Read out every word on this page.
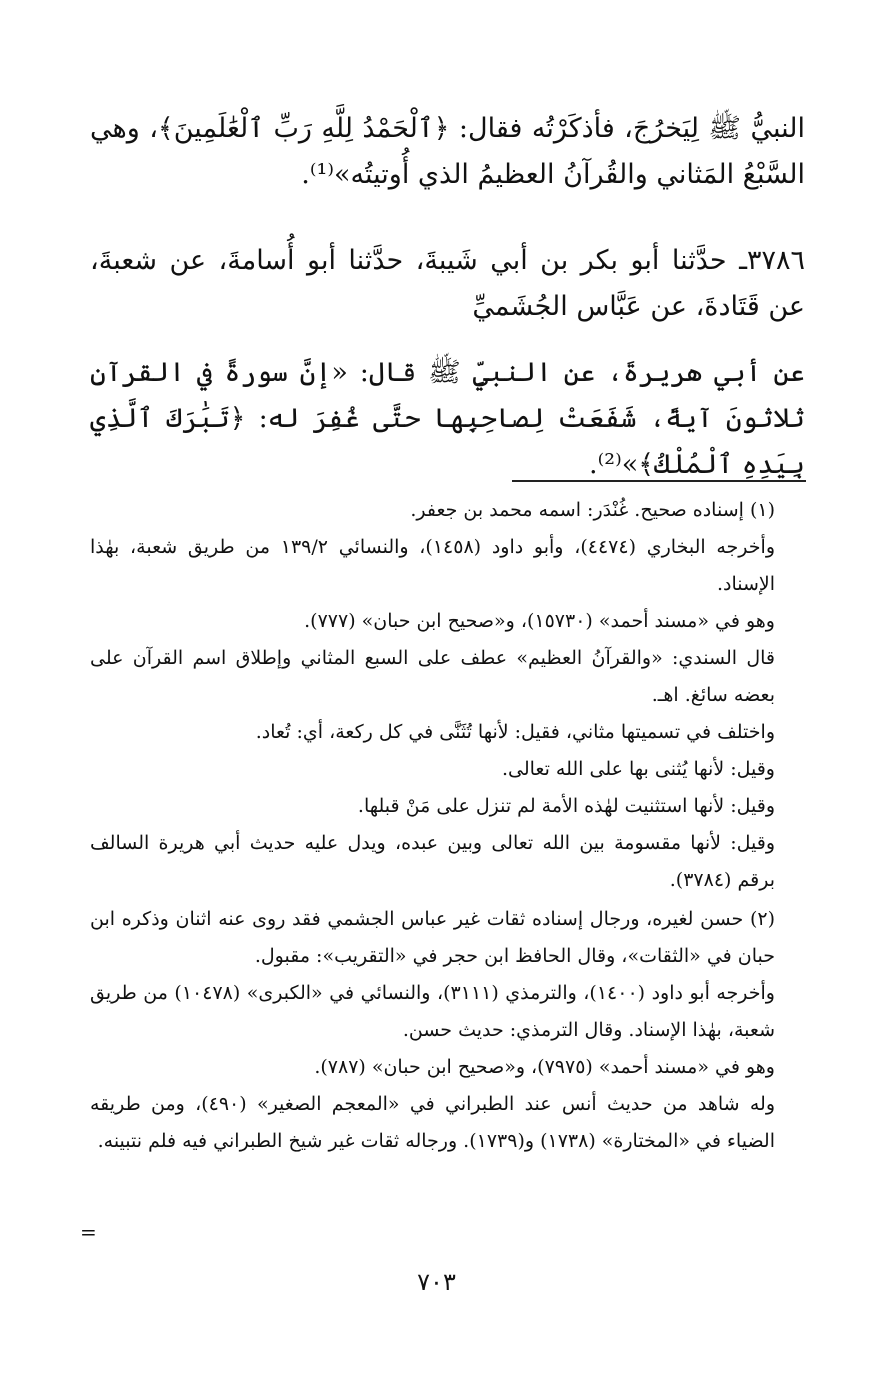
النبيُّ ﷺ لِيَخرُجَ، فأذكَرْتُه فقال: ﴿ٱلْحَمْدُ لِلَّهِ رَبِّ ٱلْعَٰلَمِينَ﴾، وهي السَّبْعُ المَثاني والقُرآنُ العظيمُ الذي أُوتيتُه»⁽¹⁾.

٣٧٨٦ـ حدَّثنا أبو بكر بن أبي شَيبةَ، حدَّثنا أبو أُسامةَ، عن شعبةَ، عن قَتَادةَ، عن عَبَّاس الجُشَميِّ

عن أبي هريرةَ، عن النبيِّ ﷺ قال: «إنَّ سورةً في القرآنِ ثلاثونَ آيةً، شَفَعَتْ لِصاحِبِها حتَّى غُفِرَ له: ﴿تَبَٰرَكَ ٱلَّذِي بِيَدِهِ ٱلْمُلْكُ﴾»⁽²⁾.

(١) إسناده صحيح. غُنْدَر: اسمه محمد بن جعفر.

وأخرجه البخاري (٤٤٧٤)، وأبو داود (١٤٥٨)، والنسائي ١٣٩/٢ من طريق شعبة، بهٰذا الإسناد.

وهو في «مسند أحمد» (١٥٧٣٠)، و«صحيح ابن حبان» (٧٧٧).

قال السندي: «والقرآنُ العظيم» عطف على السبع المثاني وإطلاق اسم القرآن على بعضه سائغ. اهـ.

واختلف في تسميتها مثاني، فقيل: لأنها تُثَنَّى في كل ركعة، أي: تُعاد.

وقيل: لأنها يُثنى بها على الله تعالى.

وقيل: لأنها استثنيت لهٰذه الأمة لم تنزل على مَنْ قبلها.

وقيل: لأنها مقسومة بين الله تعالى وبين عبده، ويدل عليه حديث أبي هريرة السالف برقم (٣٧٨٤).

(٢) حسن لغيره، ورجال إسناده ثقات غير عباس الجشمي فقد روى عنه اثنان وذكره ابن حبان في «الثقات»، وقال الحافظ ابن حجر في «التقريب»: مقبول.

وأخرجه أبو داود (١٤٠٠)، والترمذي (٣١١١)، والنسائي في «الكبرى» (١٠٤٧٨) من طريق شعبة، بهٰذا الإسناد. وقال الترمذي: حديث حسن.

وهو في «مسند أحمد» (٧٩٧٥)، و«صحيح ابن حبان» (٧٨٧).

وله شاهد من حديث أنس عند الطبراني في «المعجم الصغير» (٤٩٠)، ومن طريقه الضياء في «المختارة» (١٧٣٨) و(١٧٣٩). ورجاله ثقات غير شيخ الطبراني فيه فلم نتبينه.

=
٧٠٣
